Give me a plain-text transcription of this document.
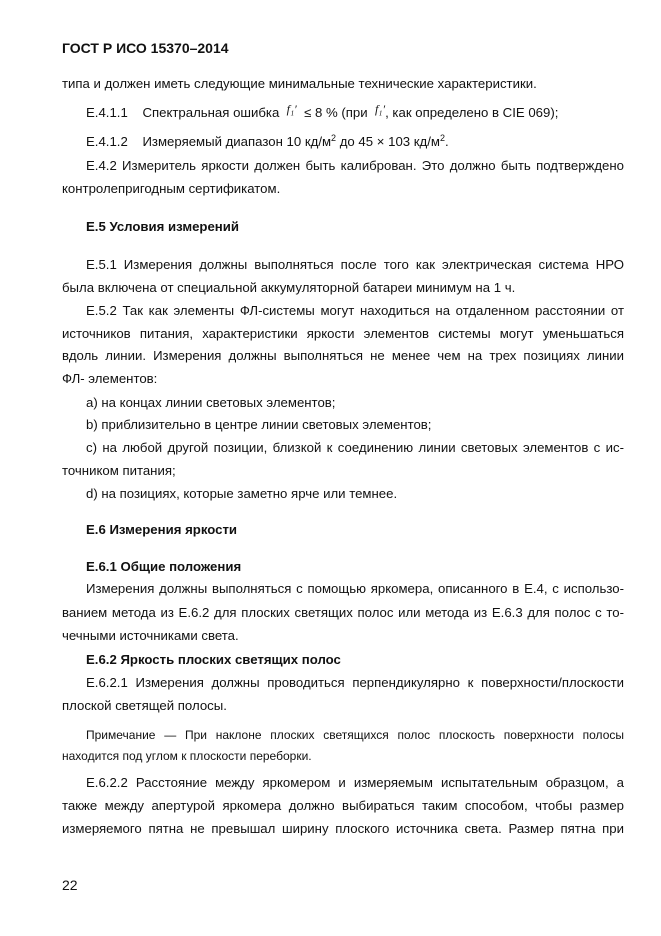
ГОСТ Р ИСО 15370–2014
типа и должен иметь следующие минимальные технические характеристики.
Е.4.1.1 Спектральная ошибка f₁′ ≤ 8 % (при f₁′, как определено в CIE 069);
Е.4.1.2 Измеряемый диапазон 10 $кд/м^2$ до 45 × 103 $кд/м^2$.
Е.4.2 Измеритель яркости должен быть калиброван. Это должно быть подтверждено
контролепригодным сертификатом.
Е.5 Условия измерений
Е.5.1 Измерения должны выполняться после того как электрическая система НРО
была включена от специальной аккумуляторной батареи минимум на 1 ч.
Е.5.2 Так как элементы ФЛ-системы могут находиться на отдаленном расстоянии от
источников питания, характеристики яркости элементов системы могут уменьшаться
вдоль линии. Измерения должны выполняться не менее чем на трех позициях линии
ФЛ- элементов:
а) на концах линии световых элементов;
b) приблизительно в центре линии световых элементов;
с) на любой другой позиции, близкой к соединению линии световых элементов с ис-
точником питания;
d) на позициях, которые заметно ярче или темнее.
Е.6 Измерения яркости
Е.6.1 Общие положения
Измерения должны выполняться с помощью яркомера, описанного в Е.4, с использо-
ванием метода из Е.6.2 для плоских светящих полос или метода из Е.6.3 для полос с то-
чечными источниками света.
Е.6.2 Яркость плоских светящих полос
Е.6.2.1 Измерения должны проводиться перпендикулярно к поверхности/плоскости
плоской светящей полосы.
Примечание — При наклоне плоских светящихся полос плоскость поверхности полосы
находится под углом к плоскости переборки.
Е.6.2.2 Расстояние между яркомером и измеряемым испытательным образцом, а
также между апертурой яркомера должно выбираться таким способом, чтобы размер
измеряемого пятна не превышал ширину плоского источника света. Размер пятна при
22
